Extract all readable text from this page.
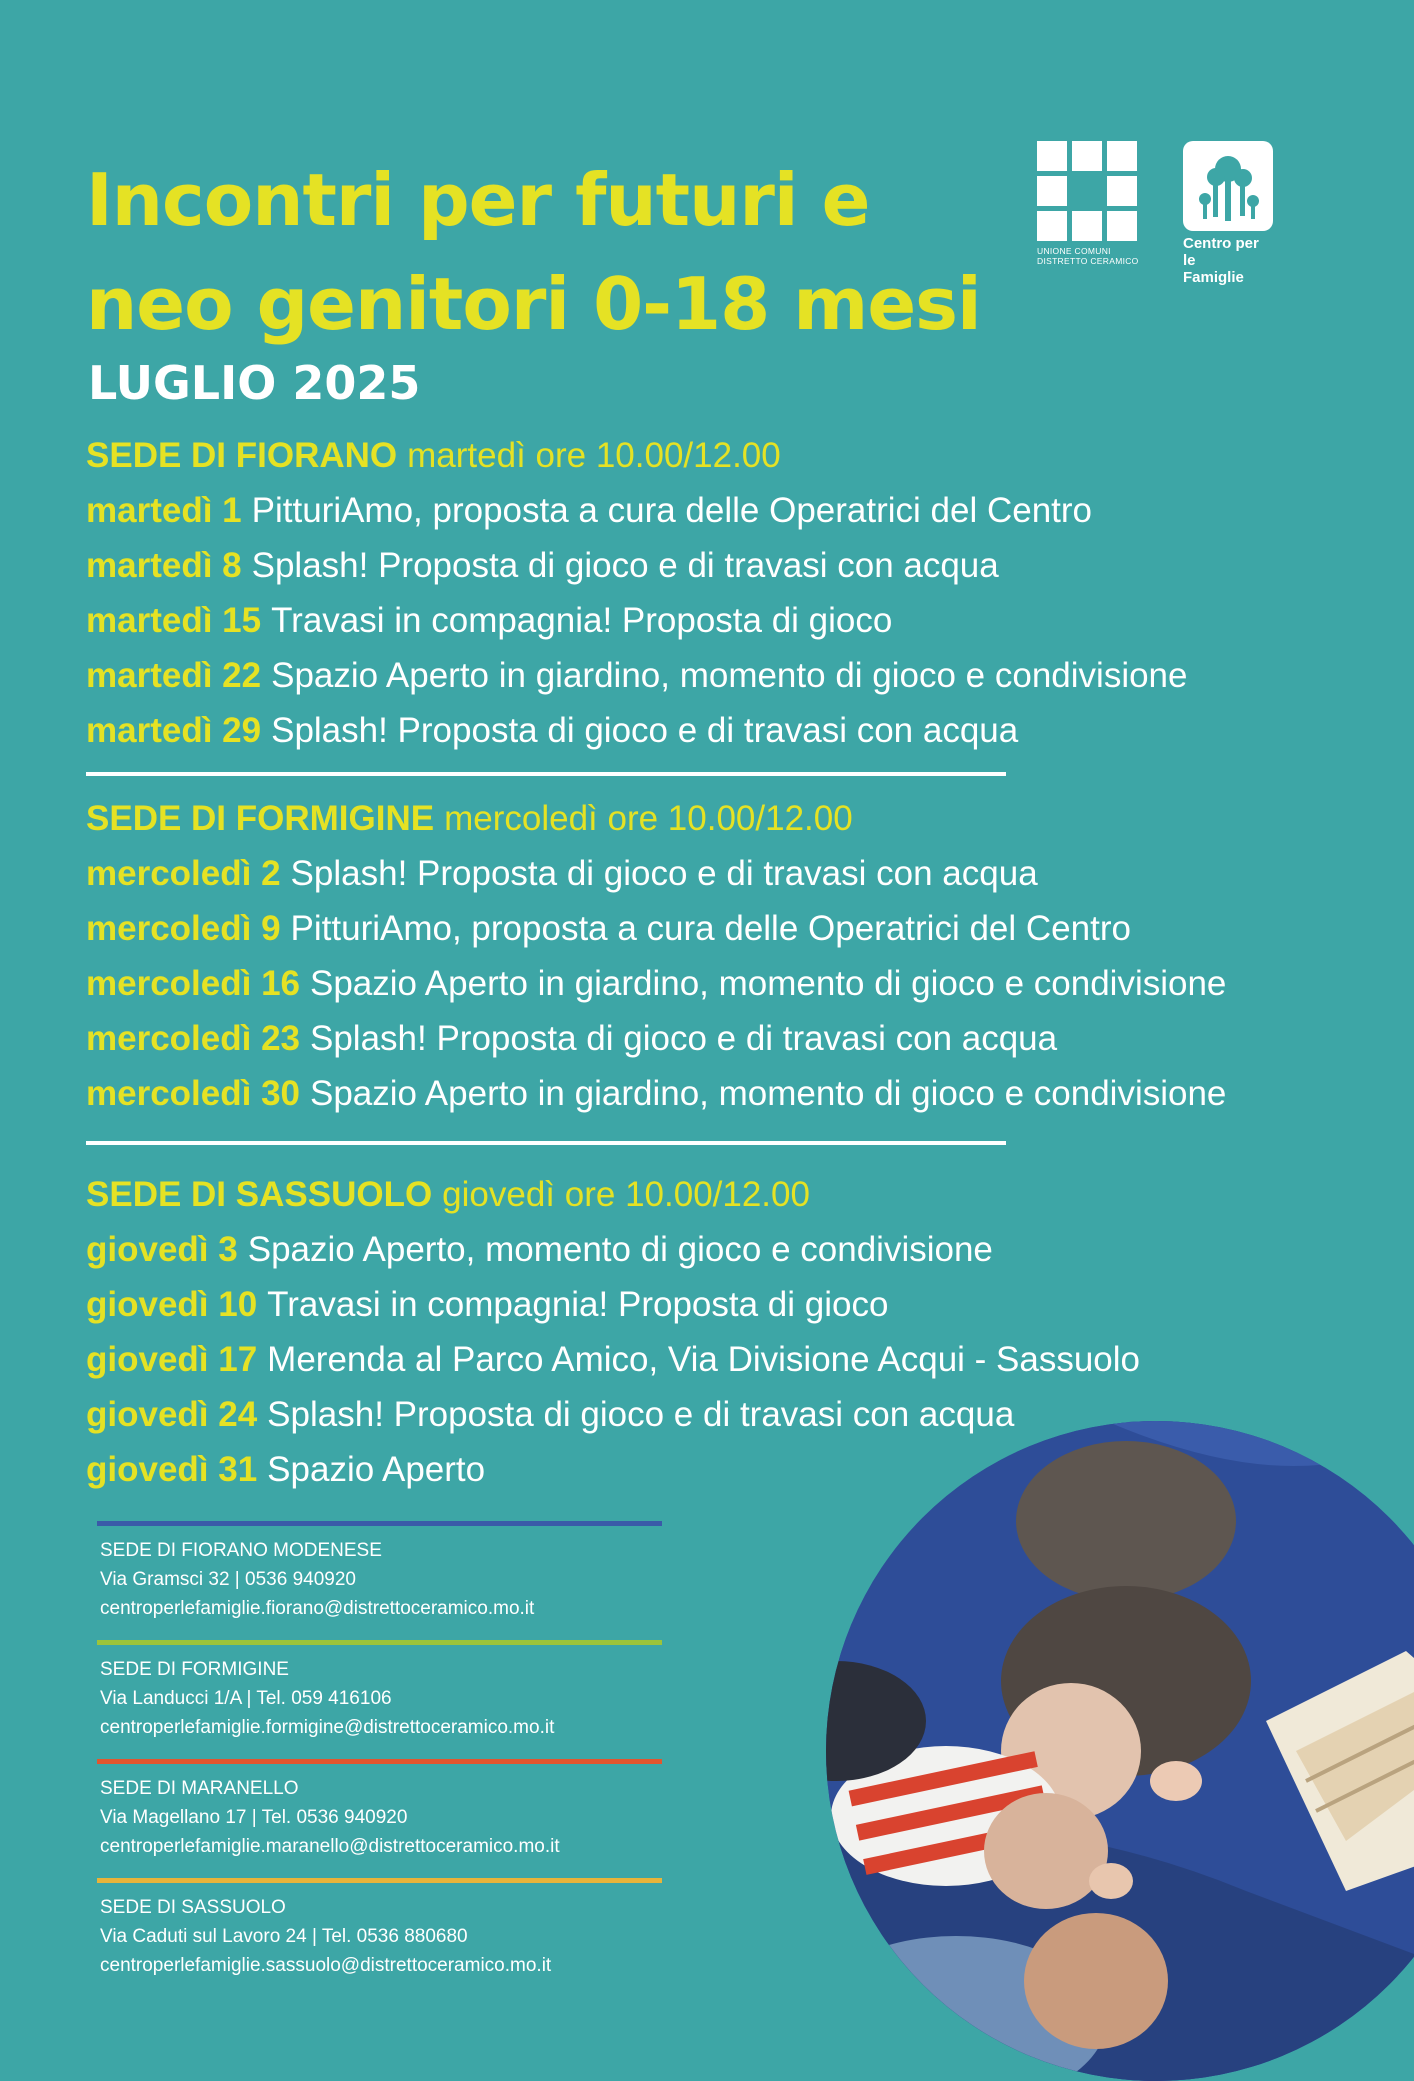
Incontri per futuri e
neo genitori 0-18 mesi
LUGLIO 2025
UNIONE COMUNI
DISTRETTO CERAMICO
Centro per le
Famiglie
SEDE DI FIORANO martedì ore 10.00/12.00
martedì 1 PitturiAmo, proposta a cura delle Operatrici del Centro
martedì 8 Splash! Proposta di gioco e di travasi con acqua
martedì 15 Travasi in compagnia! Proposta di gioco
martedì 22 Spazio Aperto in giardino, momento di gioco e condivisione
martedì 29 Splash! Proposta di gioco e di travasi con acqua
SEDE DI FORMIGINE mercoledì ore 10.00/12.00
mercoledì 2 Splash! Proposta di gioco e di travasi con acqua
mercoledì 9 PitturiAmo, proposta a cura delle Operatrici del Centro
mercoledì 16 Spazio Aperto in giardino, momento di gioco e condivisione
mercoledì 23 Splash! Proposta di gioco e di travasi con acqua
mercoledì 30 Spazio Aperto in giardino, momento di gioco e condivisione
SEDE DI SASSUOLO giovedì ore 10.00/12.00
giovedì 3 Spazio Aperto, momento di gioco e condivisione
giovedì 10 Travasi in compagnia! Proposta di gioco
giovedì 17 Merenda al Parco Amico, Via Divisione Acqui - Sassuolo
giovedì 24 Splash! Proposta di gioco e di travasi con acqua
giovedì 31 Spazio Aperto
SEDE DI FIORANO MODENESE
Via Gramsci 32 | 0536 940920
centroperlefamiglie.fiorano@distrettoceramico.mo.it
SEDE DI FORMIGINE
Via Landucci 1/A | Tel. 059 416106
centroperlefamiglie.formigine@distrettoceramico.mo.it
SEDE DI MARANELLO
Via Magellano 17 | Tel. 0536 940920
centroperlefamiglie.maranello@distrettoceramico.mo.it
SEDE DI SASSUOLO
Via Caduti sul Lavoro 24 | Tel. 0536 880680
centroperlefamiglie.sassuolo@distrettoceramico.mo.it
